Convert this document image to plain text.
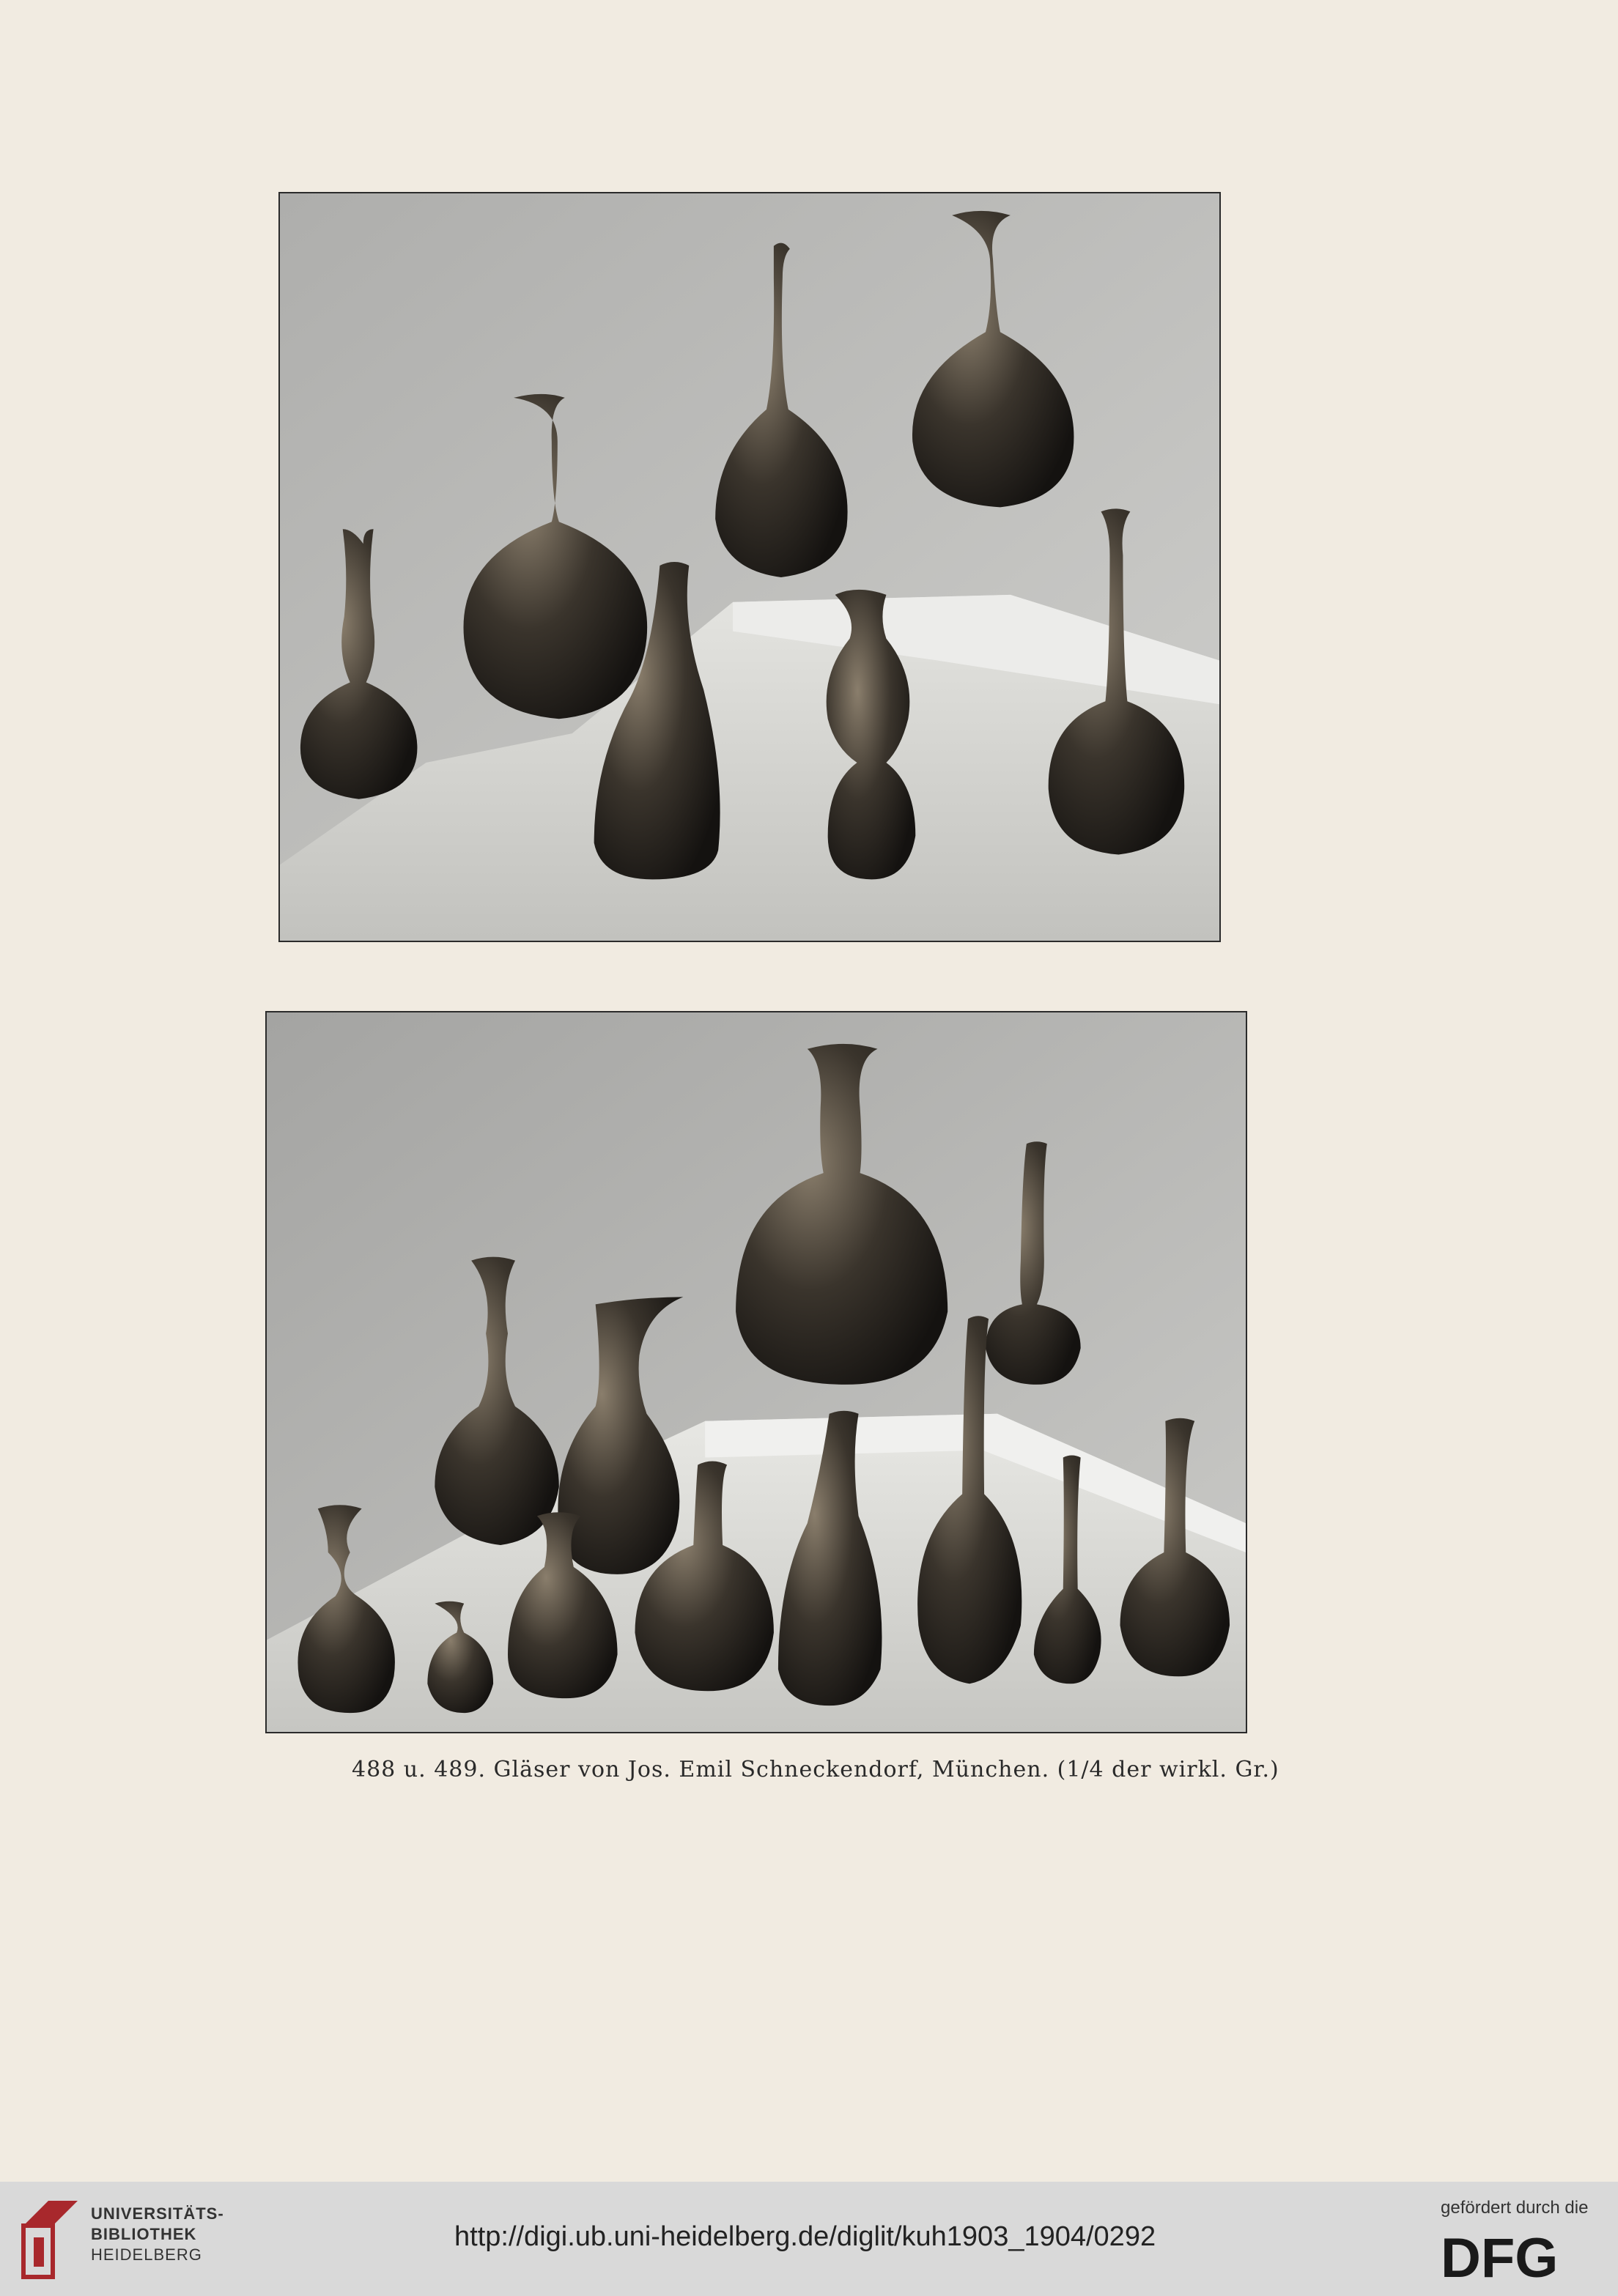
488 u. 489. Gläser von Jos. Emil Schneckendorf, München. (1/4 der wirkl. Gr.)
UNIVERSITÄTS-
BIBLIOTHEK
HEIDELBERG
http://digi.ub.uni-heidelberg.de/diglit/kuh1903_1904/0292
gefördert durch die
DFG
